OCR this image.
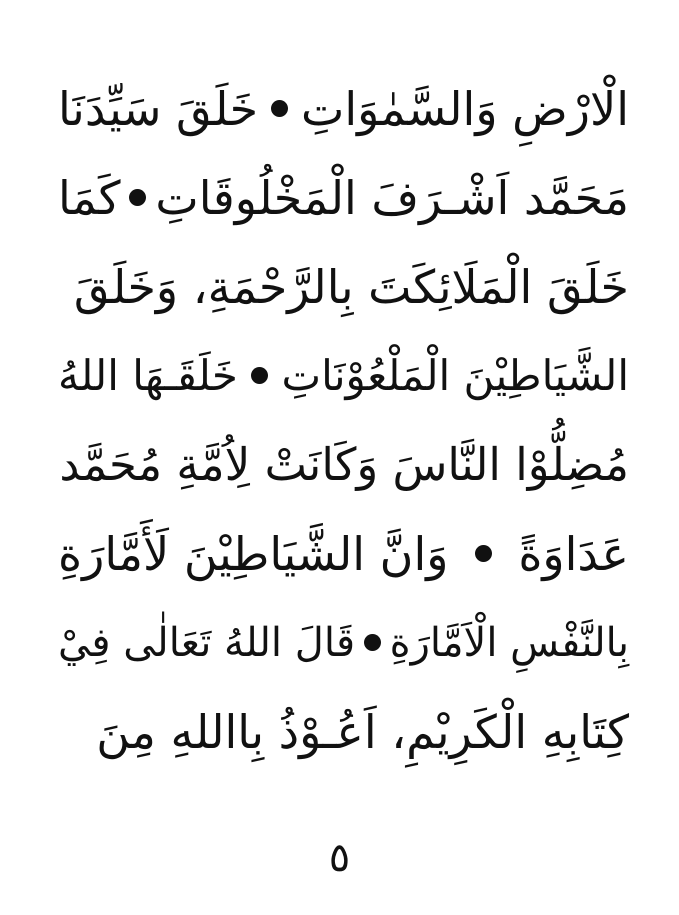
الْارْضِ وَالسَّمٰوَاتِ
خَلَقَ سَيِّدَنَا
مَحَمَّد اَشْـرَفَ الْمَخْلُوقَاتِ
كَمَا
خَلَقَ الْمَلَائِكَتَ بِالرَّحْمَةِ، وَخَلَقَ
الشَّيَاطِيْنَ الْمَلْعُوْنَاتِ
خَلَقَـهَا اللهُ
مُضِلُّوْا النَّاسَ وَكَانَتْ لِاُمَّةِ مُحَمَّد
عَدَاوَةً
وَانَّ الشَّيَاطِيْنَ لَأَمَّارَةِ
بِالنَّفْسِ الْاَمَّارَةِ
قَالَ اللهُ تَعَالٰى فِيْ
كِتَابِهِ الْكَرِيْمِ، اَعُـوْذُ بِااللهِ مِنَ
٥
